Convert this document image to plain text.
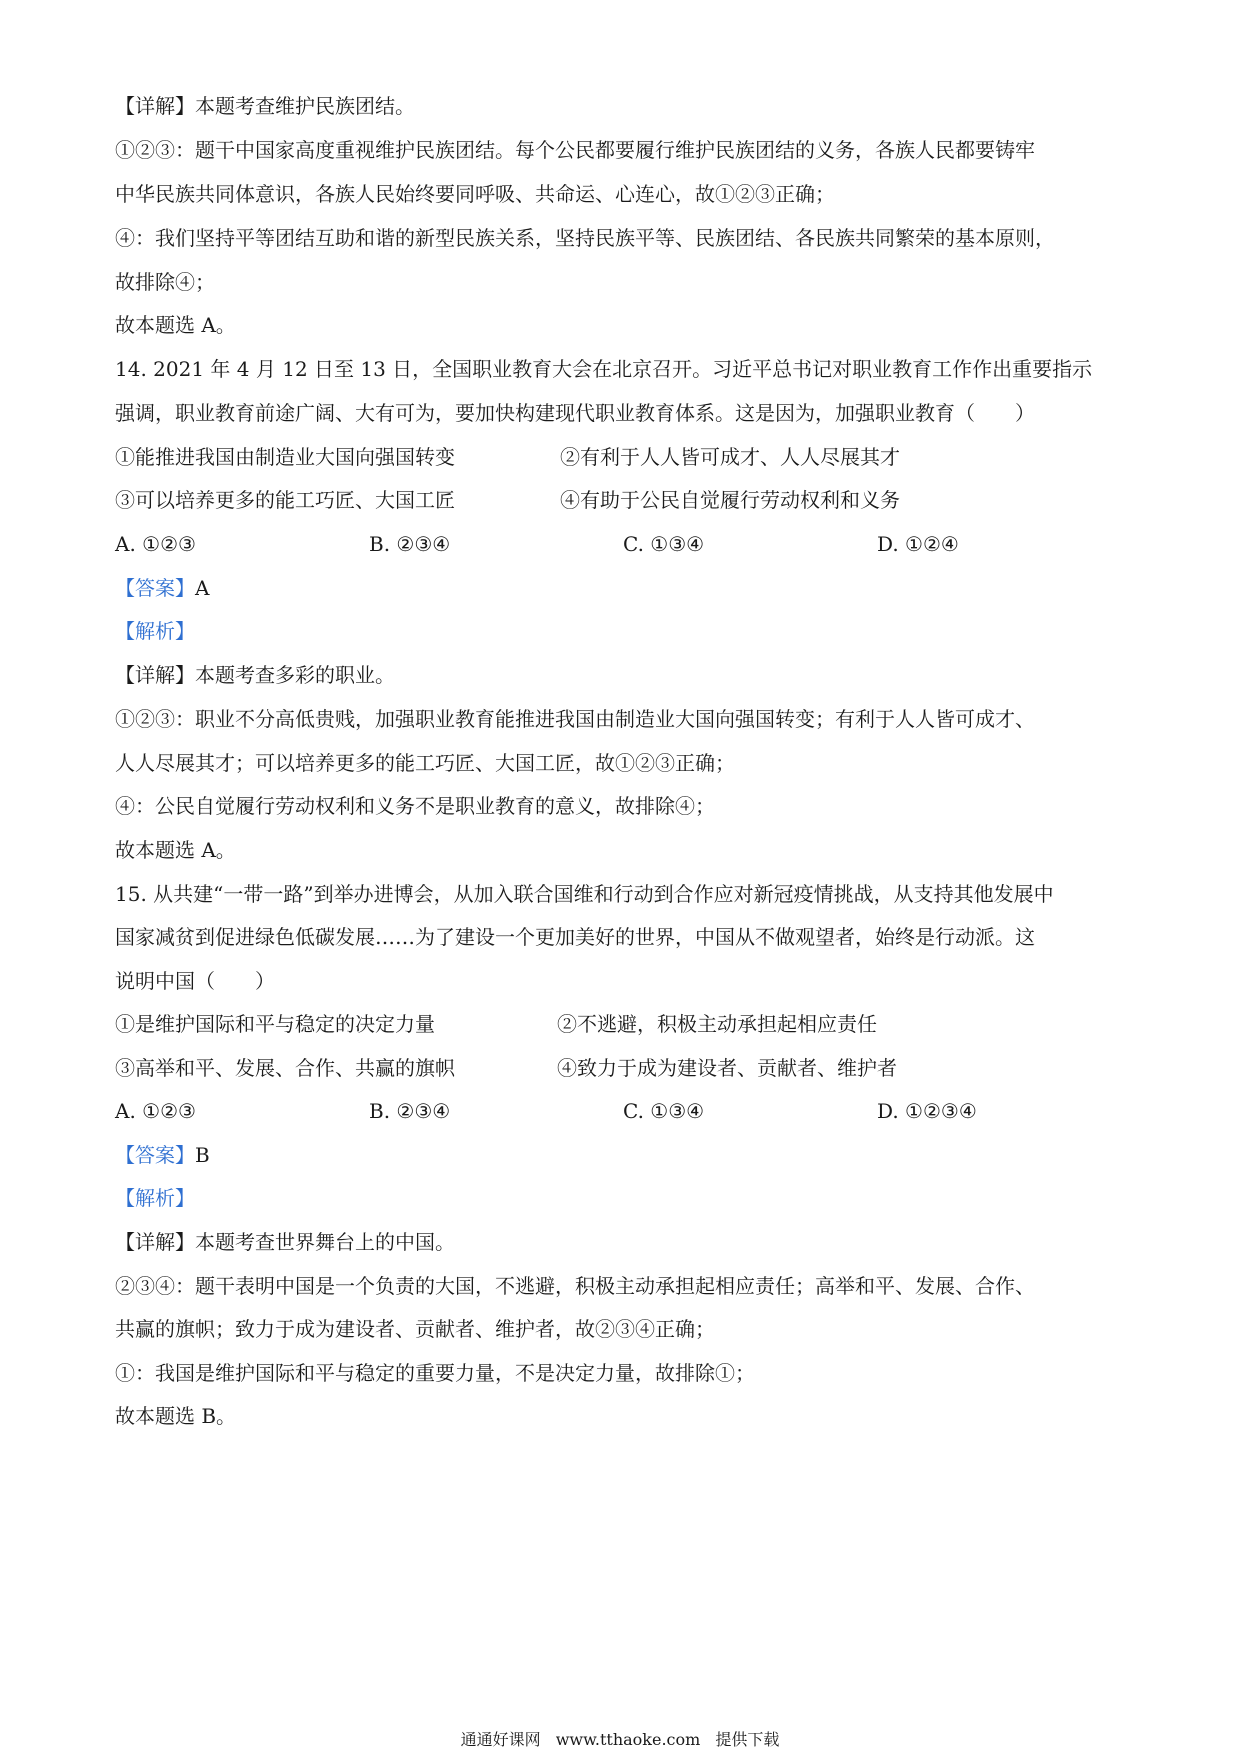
【详解】本题考查维护民族团结。
①②③：题干中国家高度重视维护民族团结。每个公民都要履行维护民族团结的义务，各族人民都要铸牢
中华民族共同体意识，各族人民始终要同呼吸、共命运、心连心，故①②③正确；
④：我们坚持平等团结互助和谐的新型民族关系，坚持民族平等、民族团结、各民族共同繁荣的基本原则，
故排除④；
故本题选 A。
14. 2021 年 4 月 12 日至 13 日，全国职业教育大会在北京召开。习近平总书记对职业教育工作作出重要指示
强调，职业教育前途广阔、大有可为，要加快构建现代职业教育体系。这是因为，加强职业教育（　　）
①能推进我国由制造业大国向强国转变	②有利于人人皆可成才、人人尽展其才
③可以培养更多的能工巧匠、大国工匠	④有助于公民自觉履行劳动权利和义务
A. ①②③	B. ②③④	C. ①③④	D. ①②④
【答案】A
【解析】
【详解】本题考查多彩的职业。
①②③：职业不分高低贵贱，加强职业教育能推进我国由制造业大国向强国转变；有利于人人皆可成才、
人人尽展其才；可以培养更多的能工巧匠、大国工匠，故①②③正确；
④：公民自觉履行劳动权利和义务不是职业教育的意义，故排除④；
故本题选 A。
15. 从共建“一带一路”到举办进博会，从加入联合国维和行动到合作应对新冠疫情挑战，从支持其他发展中
国家减贫到促进绿色低碳发展……为了建设一个更加美好的世界，中国从不做观望者，始终是行动派。这
说明中国（　　）
①是维护国际和平与稳定的决定力量	②不逃避，积极主动承担起相应责任
③高举和平、发展、合作、共赢的旗帜	④致力于成为建设者、贡献者、维护者
A. ①②③	B. ②③④	C. ①③④	D. ①②③④
【答案】B
【解析】
【详解】本题考查世界舞台上的中国。
②③④：题干表明中国是一个负责的大国，不逃避，积极主动承担起相应责任；高举和平、发展、合作、
共赢的旗帜；致力于成为建设者、贡献者、维护者，故②③④正确；
①：我国是维护国际和平与稳定的重要力量，不是决定力量，故排除①；
故本题选 B。
通通好课网 www.tthaoke.com 提供下载
